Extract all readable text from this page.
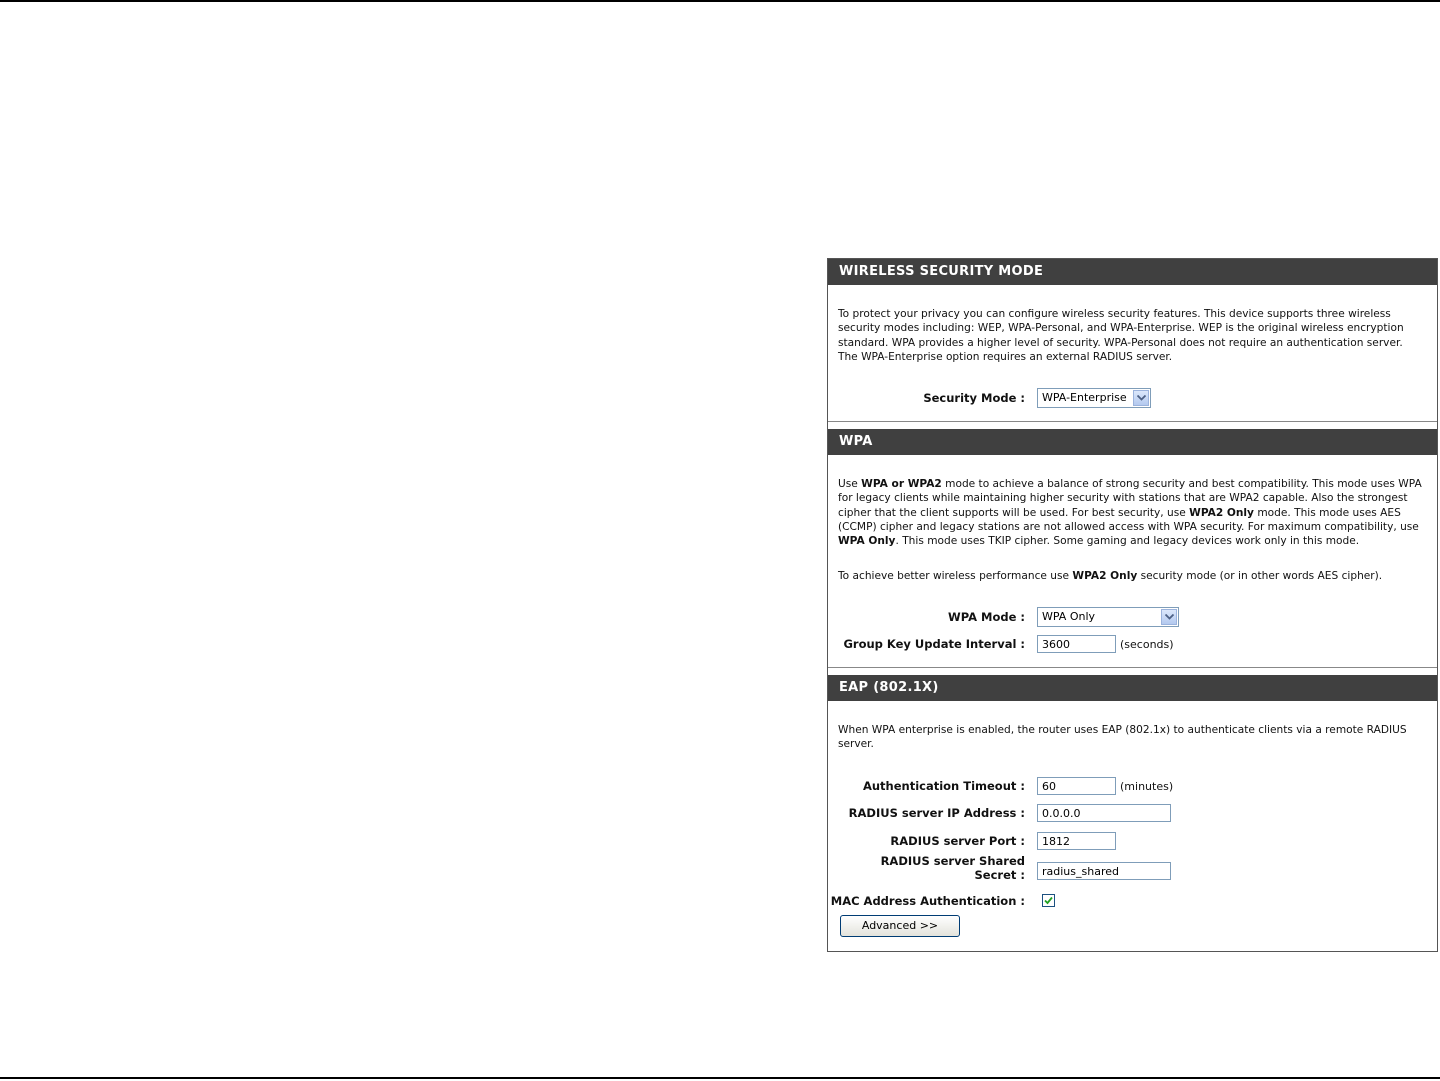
WIRELESS SECURITY MODE
To protect your privacy you can configure wireless security features. This device supports three wireless security modes including: WEP, WPA-Personal, and WPA-Enterprise. WEP is the original wireless encryption standard. WPA provides a higher level of security. WPA-Personal does not require an authentication server. The WPA-Enterprise option requires an external RADIUS server.
Security Mode :	WPA-Enterprise
WPA
Use WPA or WPA2 mode to achieve a balance of strong security and best compatibility. This mode uses WPA for legacy clients while maintaining higher security with stations that are WPA2 capable. Also the strongest cipher that the client supports will be used. For best security, use WPA2 Only mode. This mode uses AES (CCMP) cipher and legacy stations are not allowed access with WPA security. For maximum compatibility, use WPA Only. This mode uses TKIP cipher. Some gaming and legacy devices work only in this mode.
To achieve better wireless performance use WPA2 Only security mode (or in other words AES cipher).
WPA Mode :	WPA Only
Group Key Update Interval :	3600	(seconds)
EAP (802.1X)
When WPA enterprise is enabled, the router uses EAP (802.1x) to authenticate clients via a remote RADIUS server.
Authentication Timeout :	60	(minutes)
RADIUS server IP Address :	0.0.0.0
RADIUS server Port :	1812
RADIUS server Shared
Secret :	radius_shared
MAC Address Authentication :
Advanced >>
